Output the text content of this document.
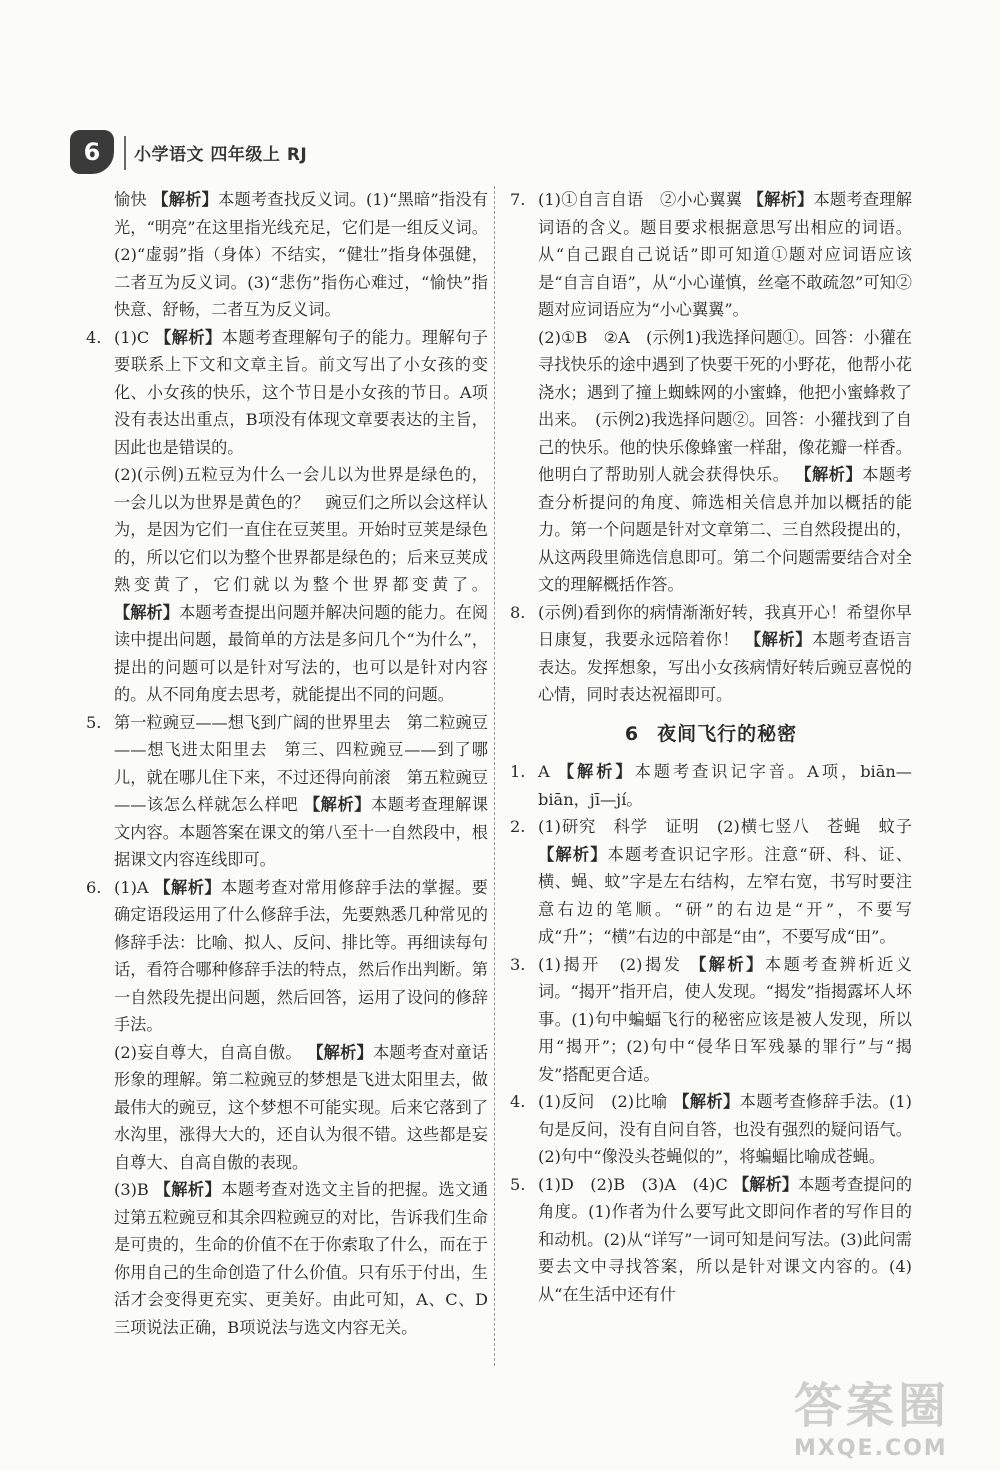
6	小学语文 四年级上 RJ

愉快 【解析】本题考查找反义词。(1)“黑暗”指没有光，“明亮”在这里指光线充足，它们是一组反义词。(2)“虚弱”指（身体）不结实，“健壮”指身体强健，二者互为反义词。(3)“悲伤”指伤心难过，“愉快”指快意、舒畅，二者互为反义词。

4. (1)C 【解析】本题考查理解句子的能力。理解句子要联系上下文和文章主旨。前文写出了小女孩的变化、小女孩的快乐，这个节日是小女孩的节日。A项没有表达出重点，B项没有体现文章要表达的主旨，因此也是错误的。

(2)(示例)五粒豆为什么一会儿以为世界是绿色的，一会儿以为世界是黄色的？　豌豆们之所以会这样认为，是因为它们一直住在豆荚里。开始时豆荚是绿色的，所以它们以为整个世界都是绿色的；后来豆荚成熟变黄了，它们就以为整个世界都变黄了。 【解析】本题考查提出问题并解决问题的能力。在阅读中提出问题，最简单的方法是多问几个“为什么”，提出的问题可以是针对写法的，也可以是针对内容的。从不同角度去思考，就能提出不同的问题。

5. 第一粒豌豆——想飞到广阔的世界里去　第二粒豌豆——想飞进太阳里去　第三、四粒豌豆——到了哪儿，就在哪儿住下来，不过还得向前滚　第五粒豌豆——该怎么样就怎么样吧 【解析】本题考查理解课文内容。本题答案在课文的第八至十一自然段中，根据课文内容连线即可。

6. (1)A 【解析】本题考查对常用修辞手法的掌握。要确定语段运用了什么修辞手法，先要熟悉几种常见的修辞手法：比喻、拟人、反问、排比等。再细读每句话，看符合哪种修辞手法的特点，然后作出判断。第一自然段先提出问题，然后回答，运用了设问的修辞手法。

(2)妄自尊大，自高自傲。 【解析】本题考查对童话形象的理解。第二粒豌豆的梦想是飞进太阳里去，做最伟大的豌豆，这个梦想不可能实现。后来它落到了水沟里，涨得大大的，还自认为很不错。这些都是妄自尊大、自高自傲的表现。

(3)B 【解析】本题考查对选文主旨的把握。选文通过第五粒豌豆和其余四粒豌豆的对比，告诉我们生命是可贵的，生命的价值不在于你索取了什么，而在于你用自己的生命创造了什么价值。只有乐于付出，生活才会变得更充实、更美好。由此可知，A、C、D三项说法正确，B项说法与选文内容无关。

7. (1)①自言自语　②小心翼翼 【解析】本题考查理解词语的含义。题目要求根据意思写出相应的词语。从“自己跟自己说话”即可知道①题对应词语应该是“自言自语”，从“小心谨慎，丝毫不敢疏忽”可知②题对应词语应为“小心翼翼”。

(2)①B　②A　(示例1)我选择问题①。回答：小獾在寻找快乐的途中遇到了快要干死的小野花，他帮小花浇水；遇到了撞上蜘蛛网的小蜜蜂，他把小蜜蜂救了出来。　(示例2)我选择问题②。回答：小獾找到了自己的快乐。他的快乐像蜂蜜一样甜，像花瓣一样香。他明白了帮助别人就会获得快乐。 【解析】本题考查分析提问的角度、筛选相关信息并加以概括的能力。第一个问题是针对文章第二、三自然段提出的，从这两段里筛选信息即可。第二个问题需要结合对全文的理解概括作答。

8. (示例)看到你的病情渐渐好转，我真开心！希望你早日康复，我要永远陪着你！ 【解析】本题考查语言表达。发挥想象，写出小女孩病情好转后豌豆喜悦的心情，同时表达祝福即可。

6 夜间飞行的秘密

1. A 【解析】本题考查识记字音。A项，biān—biān，jī—jí。

2. (1)研究　科学　证明　(2)横七竖八　苍蝇　蚊子 【解析】本题考查识记字形。注意“研、科、证、横、蝇、蚊”字是左右结构，左窄右宽，书写时要注意右边的笔顺。“研”的右边是“开”，不要写成“升”；“横”右边的中部是“由”，不要写成“田”。

3. (1)揭开　(2)揭发 【解析】本题考查辨析近义词。“揭开”指开启，使人发现。“揭发”指揭露坏人坏事。(1)句中蝙蝠飞行的秘密应该是被人发现，所以用“揭开”；(2)句中“侵华日军残暴的罪行”与“揭发”搭配更合适。

4. (1)反问　(2)比喻 【解析】本题考查修辞手法。(1)句是反问，没有自问自答，也没有强烈的疑问语气。(2)句中“像没头苍蝇似的”，将蝙蝠比喻成苍蝇。

5. (1)D　(2)B　(3)A　(4)C 【解析】本题考查提问的角度。(1)作者为什么要写此文即问作者的写作目的和动机。(2)从“详写”一词可知是问写法。(3)此问需要去文中寻找答案，所以是针对课文内容的。(4)从“在生活中还有什

答案圈
MXQE.COM
